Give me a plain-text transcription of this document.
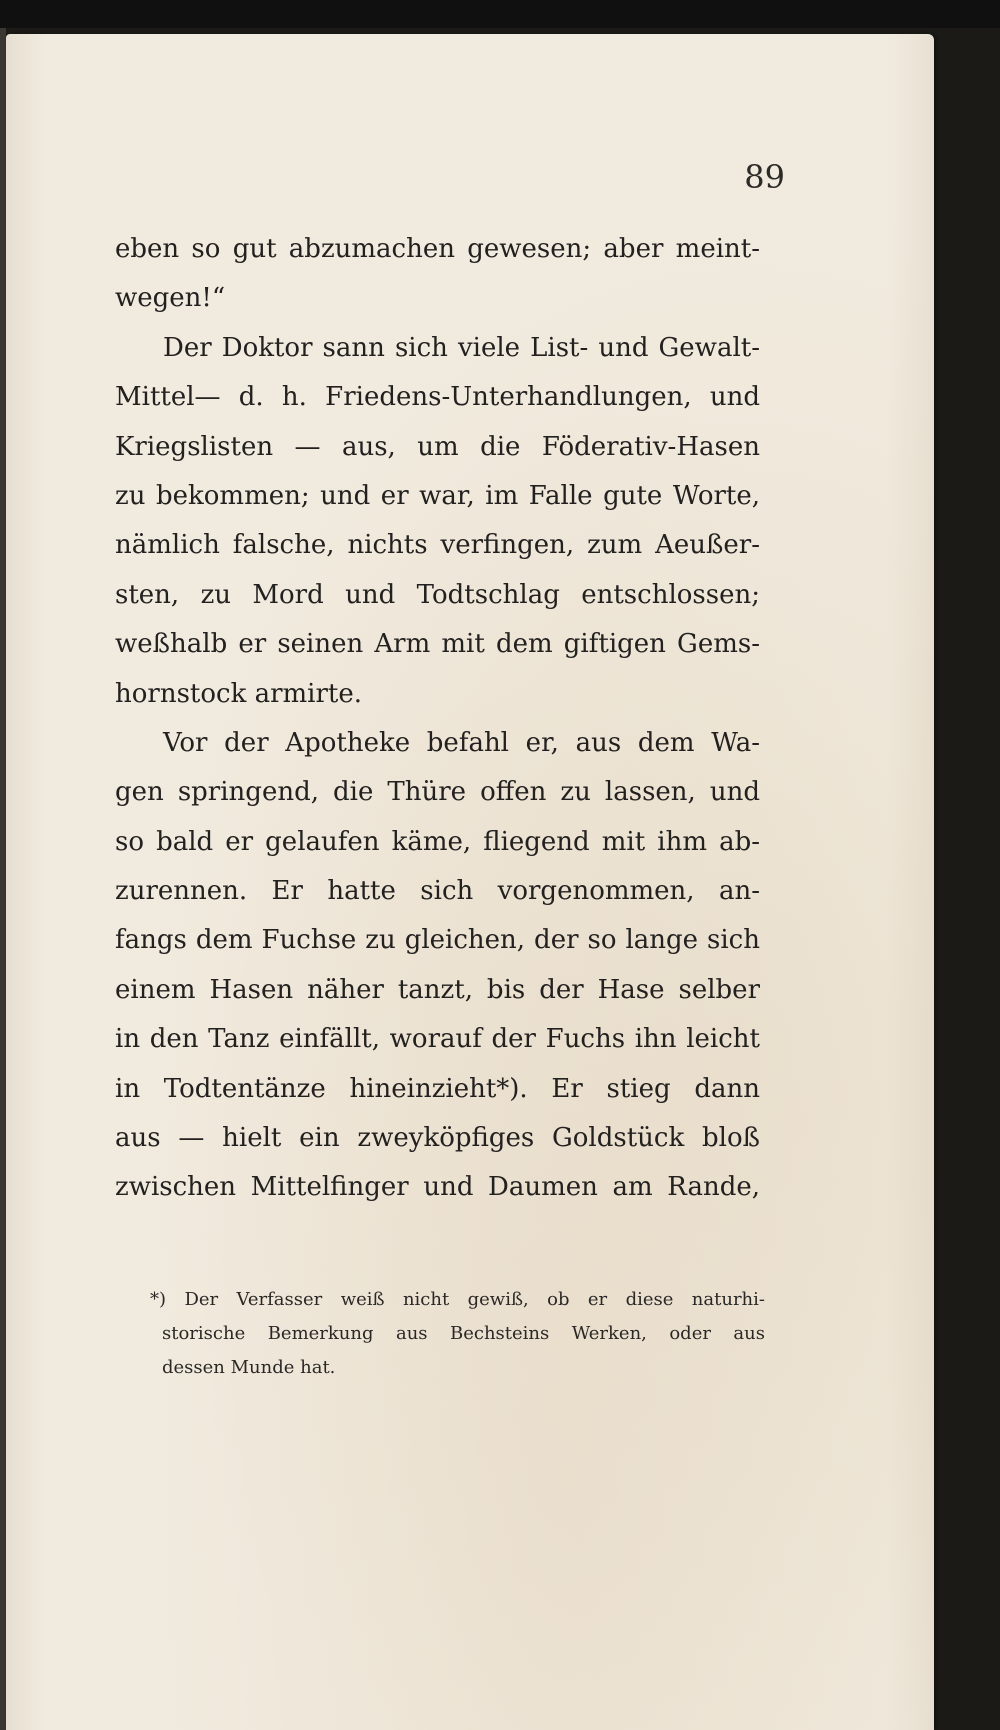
89
eben so gut abzumachen gewesen; aber meint-
wegen!“
Der Doktor sann sich viele List- und Gewalt-
Mittel— d. h. Friedens-Unterhandlungen, und
Kriegslisten — aus, um die Föderativ-Hasen
zu bekommen; und er war, im Falle gute Worte,
nämlich falsche, nichts verfingen, zum Aeußer-
sten, zu Mord und Todtschlag entschlossen;
weßhalb er seinen Arm mit dem giftigen Gems-
hornstock armirte.
Vor der Apotheke befahl er, aus dem Wa-
gen springend, die Thüre offen zu lassen, und
so bald er gelaufen käme, fliegend mit ihm ab-
zurennen. Er hatte sich vorgenommen, an-
fangs dem Fuchse zu gleichen, der so lange sich
einem Hasen näher tanzt, bis der Hase selber
in den Tanz einfällt, worauf der Fuchs ihn leicht
in Todtentänze hineinzieht*). Er stieg dann
aus — hielt ein zweyköpfiges Goldstück bloß
zwischen Mittelfinger und Daumen am Rande,
*) Der Verfasser weiß nicht gewiß, ob er diese naturhi-
storische Bemerkung aus Bechsteins Werken, oder aus
dessen Munde hat.
